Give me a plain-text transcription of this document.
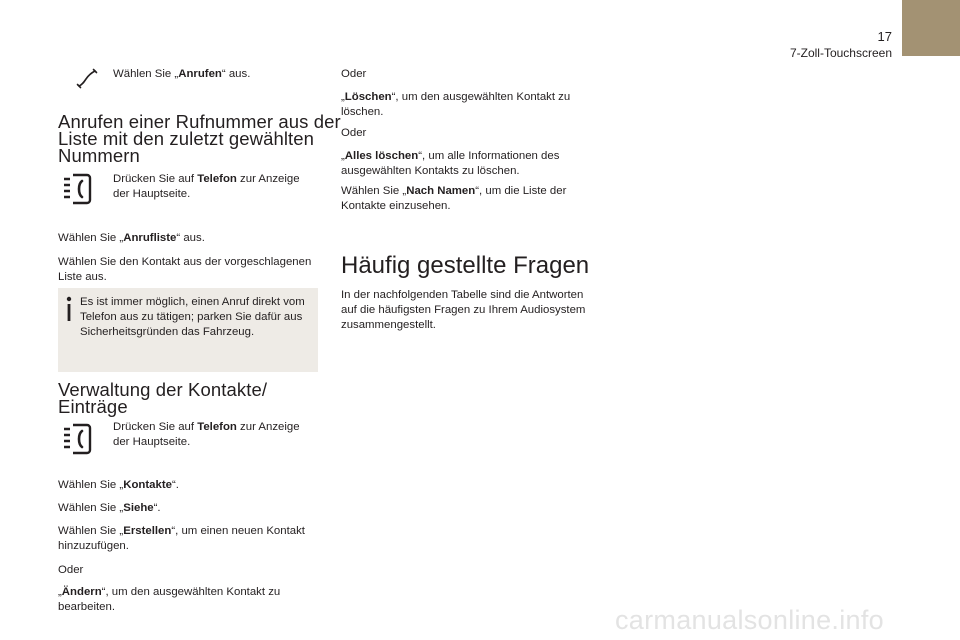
17
7-Zoll-Touchscreen

Wählen Sie „Anrufen“ aus.

Anrufen einer Rufnummer aus der
Liste mit den zuletzt gewählten
Nummern

Drücken Sie auf Telefon zur Anzeige
der Hauptseite.

Wählen Sie „Anrufliste“ aus.

Wählen Sie den Kontakt aus der vorgeschlagenen
Liste aus.

Es ist immer möglich, einen Anruf direkt vom
Telefon aus zu tätigen; parken Sie dafür aus
Sicherheitsgründen das Fahrzeug.

Verwaltung der Kontakte/
Einträge

Drücken Sie auf Telefon zur Anzeige
der Hauptseite.

Wählen Sie „Kontakte“.

Wählen Sie „Siehe“.

Wählen Sie „Erstellen“, um einen neuen Kontakt
hinzuzufügen.

Oder

„Ändern“, um den ausgewählten Kontakt zu
bearbeiten.

Oder

„Löschen“, um den ausgewählten Kontakt zu
löschen.

Oder

„Alles löschen“, um alle Informationen des
ausgewählten Kontakts zu löschen.

Wählen Sie „Nach Namen“, um die Liste der
Kontakte einzusehen.

Häufig gestellte Fragen

In der nachfolgenden Tabelle sind die Antworten
auf die häufigsten Fragen zu Ihrem Audiosystem
zusammengestellt.

carmanualsonline.info
